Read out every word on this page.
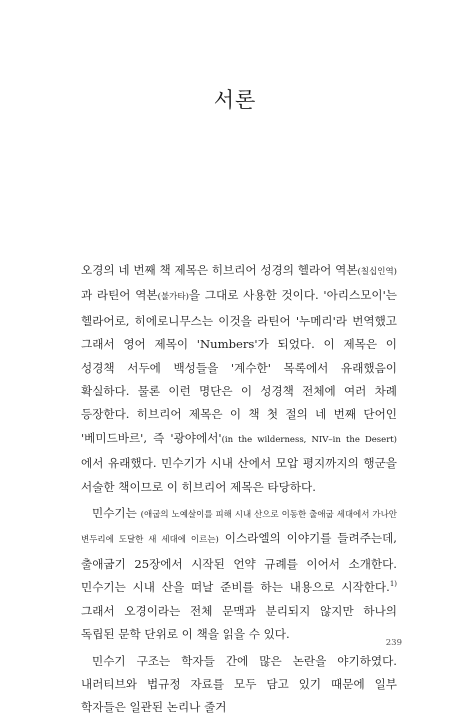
서론

오경의 네 번째 책 제목은 히브리어 성경의 헬라어 역본(칠십인역)과 라틴어 역본(불가타)을 그대로 사용한 것이다. '아리스모이'는 헬라어로, 히에로니무스는 이것을 라틴어 '누메리'라 번역했고 그래서 영어 제목이 'Numbers'가 되었다. 이 제목은 이 성경책 서두에 백성들을 '계수한' 목록에서 유래했음이 확실하다. 물론 이런 명단은 이 성경책 전체에 여러 차례 등장한다. 히브리어 제목은 이 책 첫 절의 네 번째 단어인 '베미드바르', 즉 '광야에서'(in the wilderness, NIV–in the Desert)에서 유래했다. 민수기가 시내 산에서 모압 평지까지의 행군을 서술한 책이므로 이 히브리어 제목은 타당하다.

민수기는 (애굽의 노예살이를 피해 시내 산으로 이동한 출애굽 세대에서 가나안 변두리에 도달한 새 세대에 이르는) 이스라엘의 이야기를 들려주는데, 출애굽기 25장에서 시작된 언약 규례를 이어서 소개한다. 민수기는 시내 산을 떠날 준비를 하는 내용으로 시작한다.$^{1)}$ 그래서 오경이라는 전체 문맥과 분리되지 않지만 하나의 독립된 문학 단위로 이 책을 읽을 수 있다.

민수기 구조는 학자들 간에 많은 논란을 야기하였다. 내러티브와 법규정 자료를 모두 담고 있기 때문에 일부 학자들은 일관된 논리나 줄거

239
